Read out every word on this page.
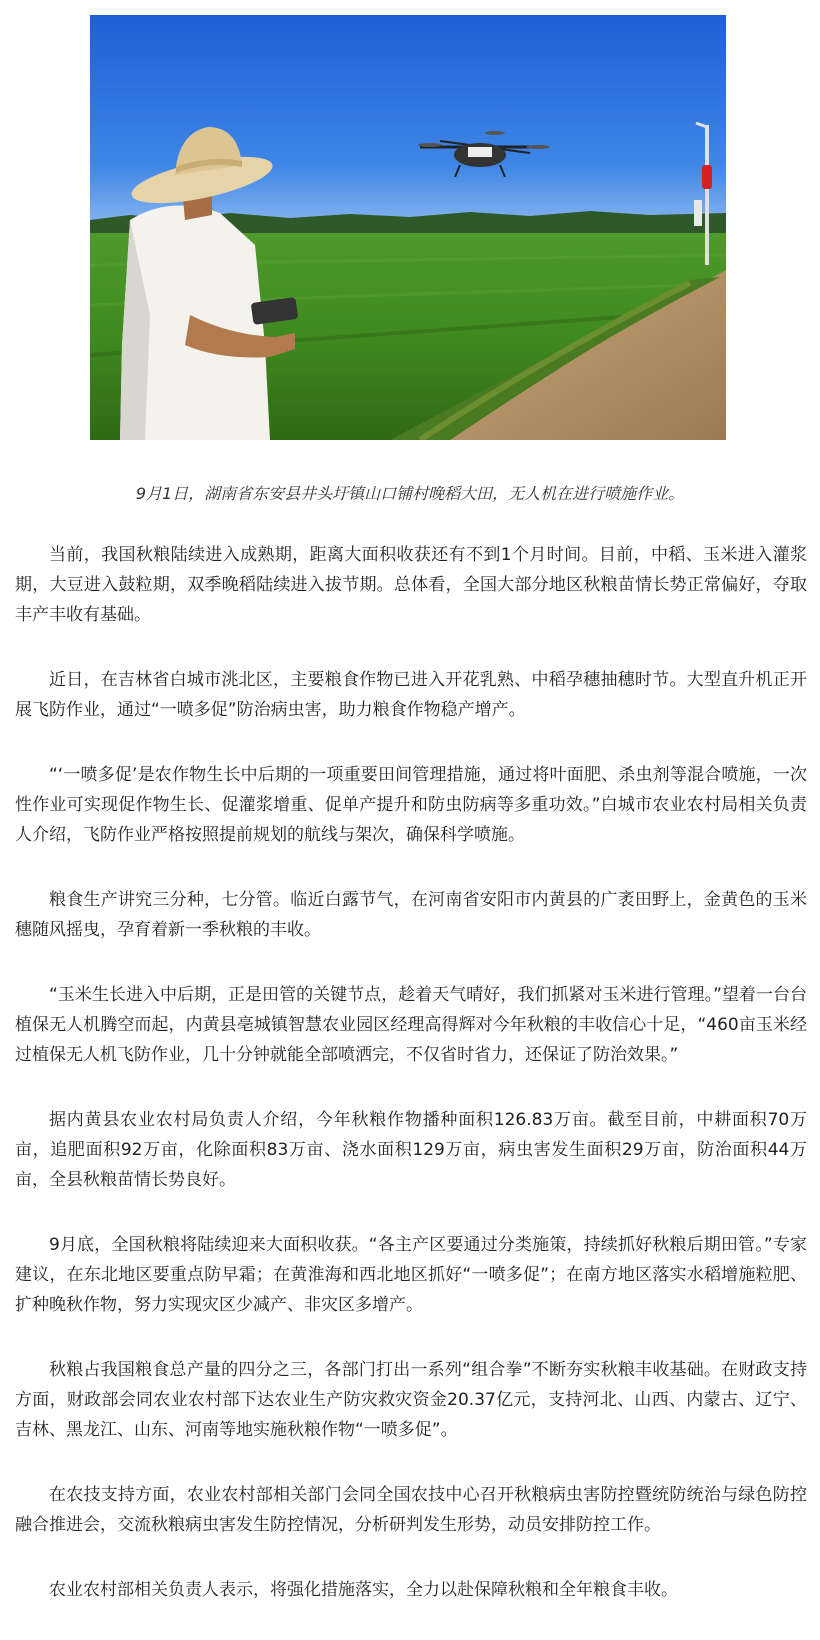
9月1日，湖南省东安县井头圩镇山口铺村晚稻大田，无人机在进行喷施作业。

当前，我国秋粮陆续进入成熟期，距离大面积收获还有不到1个月时间。目前，中稻、玉米进入灌浆期，大豆进入鼓粒期，双季晚稻陆续进入拔节期。总体看，全国大部分地区秋粮苗情长势正常偏好，夺取丰产丰收有基础。

近日，在吉林省白城市洮北区，主要粮食作物已进入开花乳熟、中稻孕穗抽穗时节。大型直升机正开展飞防作业，通过“一喷多促”防治病虫害，助力粮食作物稳产增产。

“‘一喷多促’是农作物生长中后期的一项重要田间管理措施，通过将叶面肥、杀虫剂等混合喷施，一次性作业可实现促作物生长、促灌浆增重、促单产提升和防虫防病等多重功效。”白城市农业农村局相关负责人介绍，飞防作业严格按照提前规划的航线与架次，确保科学喷施。

粮食生产讲究三分种，七分管。临近白露节气，在河南省安阳市内黄县的广袤田野上，金黄色的玉米穗随风摇曳，孕育着新一季秋粮的丰收。

“玉米生长进入中后期，正是田管的关键节点，趁着天气晴好，我们抓紧对玉米进行管理。”望着一台台植保无人机腾空而起，内黄县亳城镇智慧农业园区经理高得辉对今年秋粮的丰收信心十足，“460亩玉米经过植保无人机飞防作业，几十分钟就能全部喷洒完，不仅省时省力，还保证了防治效果。”

据内黄县农业农村局负责人介绍，今年秋粮作物播种面积126.83万亩。截至目前，中耕面积70万亩，追肥面积92万亩，化除面积83万亩、浇水面积129万亩，病虫害发生面积29万亩，防治面积44万亩，全县秋粮苗情长势良好。

9月底，全国秋粮将陆续迎来大面积收获。“各主产区要通过分类施策，持续抓好秋粮后期田管。”专家建议，在东北地区要重点防早霜；在黄淮海和西北地区抓好“一喷多促”；在南方地区落实水稻增施粒肥、扩种晚秋作物，努力实现灾区少减产、非灾区多增产。

秋粮占我国粮食总产量的四分之三，各部门打出一系列“组合拳”不断夯实秋粮丰收基础。在财政支持方面，财政部会同农业农村部下达农业生产防灾救灾资金20.37亿元，支持河北、山西、内蒙古、辽宁、吉林、黑龙江、山东、河南等地实施秋粮作物“一喷多促”。

在农技支持方面，农业农村部相关部门会同全国农技中心召开秋粮病虫害防控暨统防统治与绿色防控融合推进会，交流秋粮病虫害发生防控情况，分析研判发生形势，动员安排防控工作。

农业农村部相关负责人表示，将强化措施落实，全力以赴保障秋粮和全年粮食丰收。
